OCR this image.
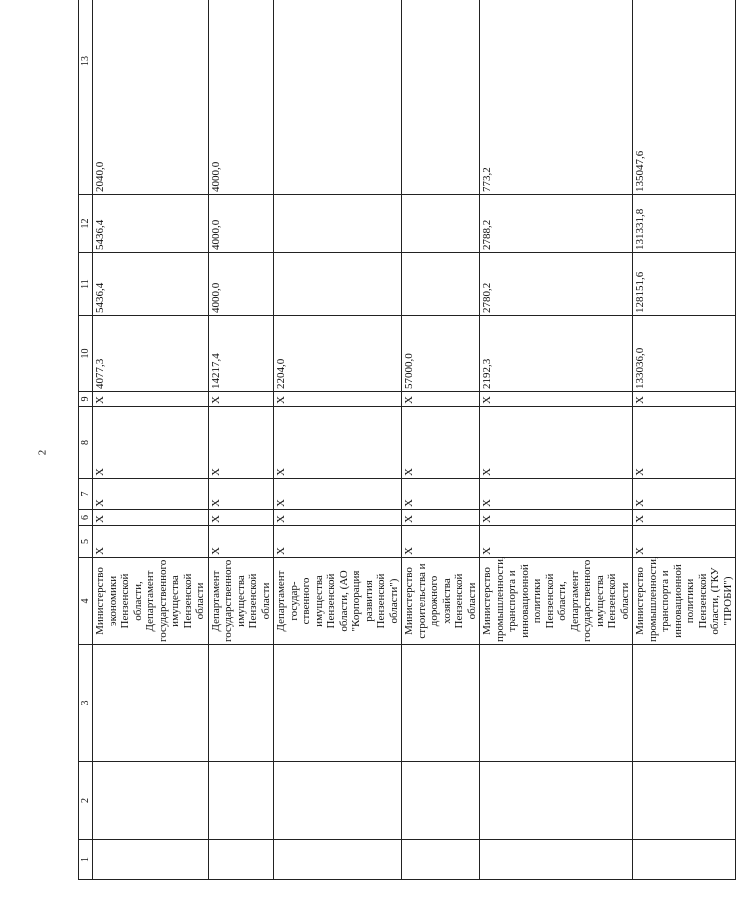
2
1	2	3	4	5	6	7	8	9	10	11	12	13
			Министерство экономики Пензенской области, Департамент государственного имущества Пензенской области	X	X	X	X	X	4077,3	5436,4	5436,4	2040,0
			Департамент государственного имущества Пензенской области	X	X	X	X	X	14217,4	4000,0	4000,0	4000,0
			Департамент государ-ственного имущества Пензенской области, (АО "Корпорация развития Пензенской области")	X	X	X	X	X	2204,0			
			Министерство строительства и дорожного хозяйства Пензенской области	X	X	X	X	X	57000,0			
			Министерство промышленности, транспорта и инновационной политики Пензенской области, Департамент государственного имущества Пензенской области	X	X	X	X	X	2192,3	2780,2	2788,2	773,2
			Министерство промышленности, транспорта и инновационной политики Пензенской области, (ГКУ "ПРОБИ")	X	X	X	X	X	133036,0	128151,6	131331,8	135047,6
